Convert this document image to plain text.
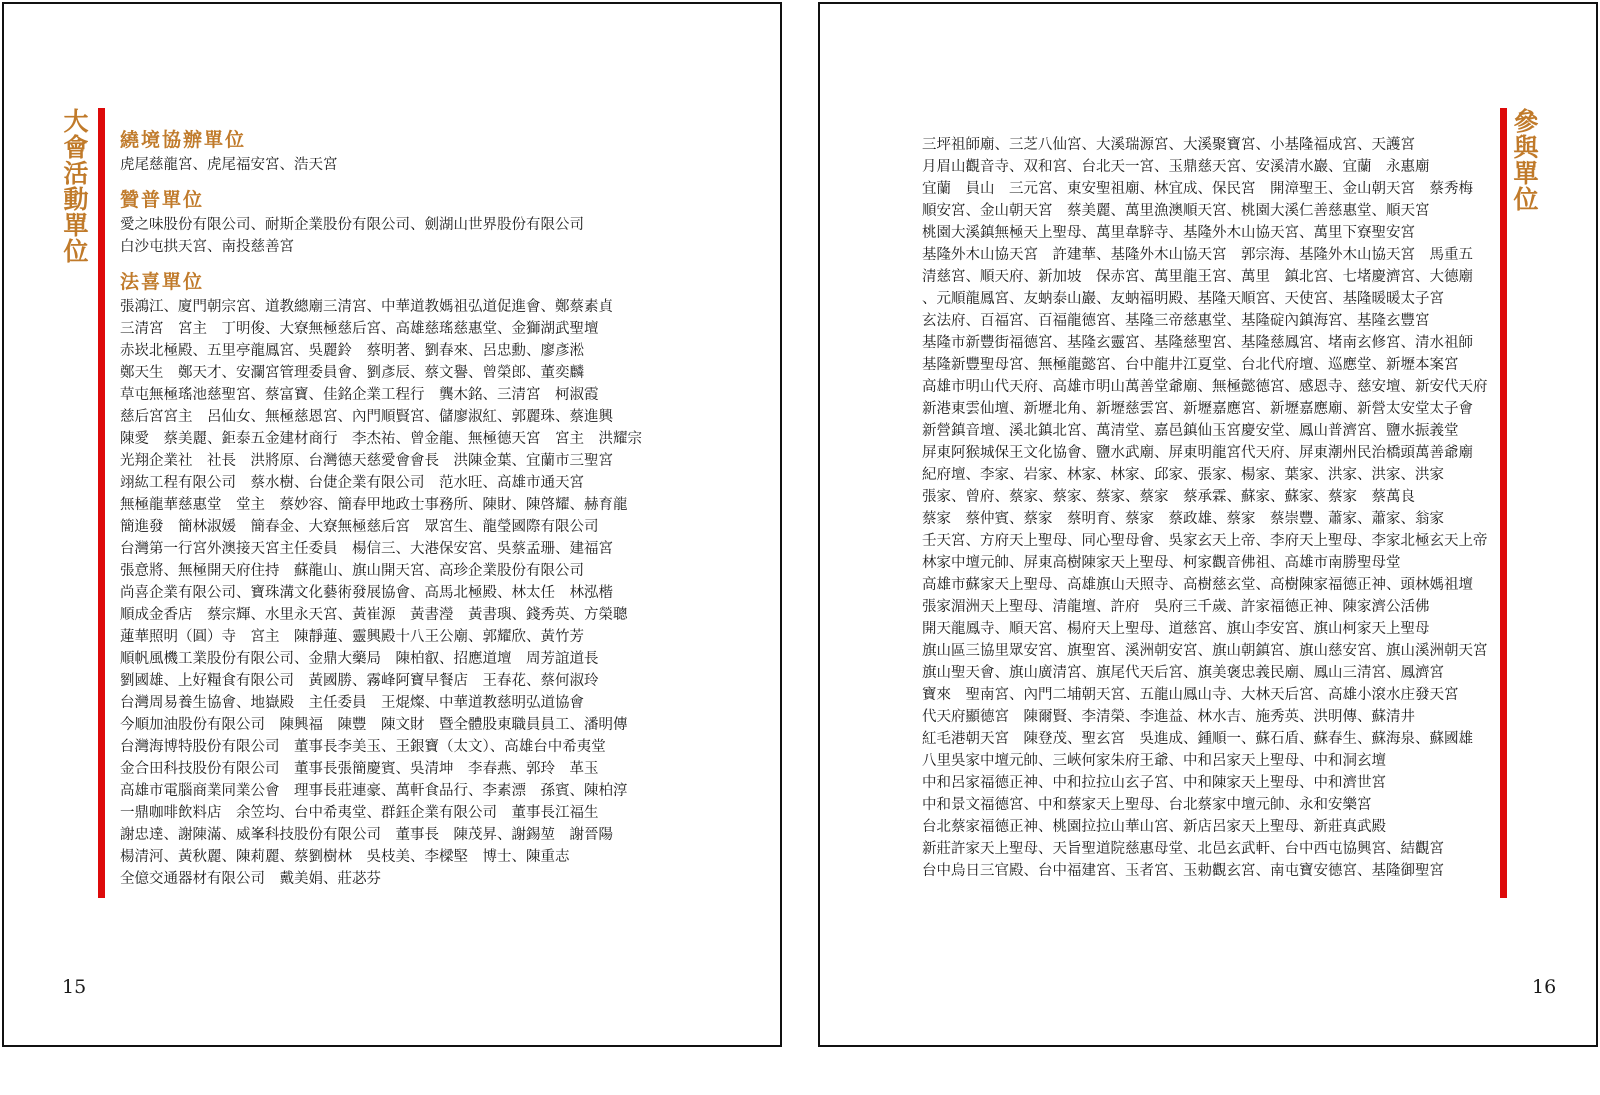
大會活動單位 繞境協辦單位
虎尾慈龍宮、虎尾福安宮、浩天宮
贊普單位
愛之味股份有限公司、耐斯企業股份有限公司、劍湖山世界股份有限公司
白沙屯拱天宮、南投慈善宮
法喜單位
張鴻江、廈門朝宗宮、道教總廟三清宮、中華道教媽祖弘道促進會、鄭蔡素貞
三清宮　宮主　丁明俊、大寮無極慈后宮、高雄慈瑤慈惠堂、金獅湖武聖壇
赤崁北極殿、五里亭龍鳳宮、吳麗鈴　蔡明著、劉春來、呂忠勳、廖彥淞
鄭天生　鄭天才、安瀾宮管理委員會、劉彥辰、蔡文譽、曾榮郎、董奕麟
草屯無極瑤池慈聖宮、蔡富寶、佳銘企業工程行　龔木銘、三清宮　柯淑霞
慈后宮宮主　呂仙女、無極慈恩宮、內門順賢宮、儲廖淑紅、郭麗珠、蔡進興
陳愛　蔡美麗、鉅泰五金建材商行　李杰祐、曾金龍、無極德天宮　宮主　洪耀宗
光翔企業社　社長　洪將原、台灣德天慈愛會會長　洪陳金葉、宜蘭市三聖宮
翊紘工程有限公司　蔡水樹、台倢企業有限公司　范水旺、高雄市通天宮
無極龍華慈惠堂　堂主　蔡妙容、簡春甲地政士事務所、陳財、陳啓耀、赫育龍
簡進發　簡林淑媛　簡春金、大寮無極慈后宮　眾宮生、龍瑩國際有限公司
台灣第一行宮外澳接天宮主任委員　楊信三、大港保安宮、吳蔡孟珊、建福宮
張意將、無極開天府住持　蘇龍山、旗山開天宮、高珍企業股份有限公司
尚喜企業有限公司、寶珠溝文化藝術發展協會、高馬北極殿、林太任　林泓楷
順成金香店　蔡宗輝、水里永天宮、黃崔源　黃書瀅　黃書璵、錢秀英、方榮聰
蓮華照明（圓）寺　宮主　陳靜蓮、靈興殿十八王公廟、郭耀欣、黃竹芳
順帆風機工業股份有限公司、金鼎大藥局　陳柏叡、招應道壇　周芳誼道長
劉國雄、上好糧食有限公司　黃國勝、霧峰阿寶早餐店　王春花、蔡何淑玲
台灣周易養生協會、地嶽殿　主任委員　王焜燦、中華道教慈明弘道協會
今順加油股份有限公司　陳興福　陳豐　陳文財　暨全體股東職員員工、潘明傳
台灣海博特股份有限公司　董事長李美玉、王銀寶（太文）、高雄台中希夷堂
金合田科技股份有限公司　董事長張簡慶賓、吳清坤　李春燕、郭玲　革玉
高雄市電腦商業同業公會　理事長莊連豪、萬軒食品行、李素漂　孫賓、陳柏淳
一鼎咖啡飲料店　余笠均、台中希夷堂、群鈺企業有限公司　董事長江福生
謝忠達、謝陳滿、威峯科技股份有限公司　董事長　陳茂昇、謝錫堃　謝晉陽
楊清河、黃秋麗、陳莉麗、蔡劉樹林　吳枝美、李樑堅　博士、陳重志
全億交通器材有限公司　戴美娟、莊苾芬
15
三坪祖師廟、三芝八仙宮、大溪瑞源宮、大溪聚寶宮、小基隆福成宮、天護宮
月眉山觀音寺、双和宮、台北天一宮、玉鼎慈天宮、安溪清水巖、宜蘭　永惠廟
宜蘭　員山　三元宮、東安聖祖廟、林宜成、保民宮　開漳聖王、金山朝天宮　蔡秀梅
順安宮、金山朝天宮　蔡美麗、萬里漁澳順天宮、桃園大溪仁善慈惠堂、順天宮
桃園大溪鎮無極天上聖母、萬里韋騂寺、基隆外木山協天宮、萬里下寮聖安宮
基隆外木山協天宮　許建華、基隆外木山協天宮　郭宗海、基隆外木山協天宮　馬重五
清慈宮、順天府、新加坡　保赤宮、萬里龍王宮、萬里　鎮北宮、七堵慶濟宮、大德廟
、元順龍鳳宮、友蚋泰山巖、友蚋福明殿、基隆天順宮、天使宮、基隆暖暖太子宮
玄法府、百福宮、百福龍德宮、基隆三帝慈惠堂、基隆碇內鎮海宮、基隆玄豐宮
基隆市新豐街福德宮、基隆玄靈宮、基隆慈聖宮、基隆慈鳳宮、堵南玄修宮、清水祖師
基隆新豐聖母宮、無極龍懿宮、台中龍井江夏堂、台北代府壇、巡應堂、新壢本案宮
高雄市明山代天府、高雄市明山萬善堂爺廟、無極懿德宮、感恩寺、慈安壇、新安代天府
新港東雲仙壇、新壢北角、新壢慈雲宮、新壢嘉應宮、新壢嘉應廟、新營太安堂太子會
新營鎮音壇、溪北鎮北宮、萬清堂、嘉邑鎮仙玉宮慶安堂、鳳山普濟宮、鹽水振義堂
屏東阿猴城保王文化協會、鹽水武廟、屏東明龍宮代天府、屏東潮州民治橋頭萬善爺廟
紀府壇、李家、岩家、林家、林家、邱家、張家、楊家、葉家、洪家、洪家、洪家
張家、曾府、蔡家、蔡家、蔡家、蔡家　蔡承霖、蘇家、蘇家、蔡家　蔡萬良
蔡家　蔡仲賓、蔡家　蔡明育、蔡家　蔡政雄、蔡家　蔡崇豐、蕭家、蕭家、翁家
壬天宮、方府天上聖母、同心聖母會、吳家玄天上帝、李府天上聖母、李家北極玄天上帝
林家中壇元帥、屏東高樹陳家天上聖母、柯家觀音佛祖、高雄市南勝聖母堂
高雄市蘇家天上聖母、高雄旗山天照寺、高樹慈玄堂、高樹陳家福德正神、頭林媽祖壇
張家湄洲天上聖母、清龍壇、許府　吳府三千歲、許家福德正神、陳家濟公活佛
開天龍鳳寺、順天宮、楊府天上聖母、道慈宮、旗山李安宮、旗山柯家天上聖母
旗山區三協里眾安宮、旗聖宮、溪洲朝安宮、旗山朝鎮宮、旗山慈安宮、旗山溪洲朝天宮
旗山聖天會、旗山廣清宮、旗尾代天后宮、旗美褒忠義民廟、鳳山三清宮、鳳濟宮
寶來　聖南宮、內門二埔朝天宮、五龍山鳳山寺、大林天后宮、高雄小滾水庄發天宮
代天府顯德宮　陳爾賢、李清榮、李進益、林水吉、施秀英、洪明傳、蘇清井
紅毛港朝天宮　陳登茂、聖玄宮　吳進成、鍾順一、蘇石盾、蘇春生、蘇海泉、蘇國雄
八里吳家中壇元帥、三峽何家朱府王爺、中和呂家天上聖母、中和洞玄壇
中和呂家福德正神、中和拉拉山玄子宮、中和陳家天上聖母、中和濟世宮
中和景文福德宮、中和蔡家天上聖母、台北蔡家中壇元帥、永和安樂宮
台北蔡家福德正神、桃園拉拉山華山宮、新店呂家天上聖母、新莊真武殿
新莊許家天上聖母、天旨聖道院慈惠母堂、北邑玄武軒、台中西屯協興宮、結觀宮
台中烏日三官殿、台中福建宮、玉者宮、玉勅觀玄宮、南屯寶安德宮、基隆御聖宮
參與單位
16
